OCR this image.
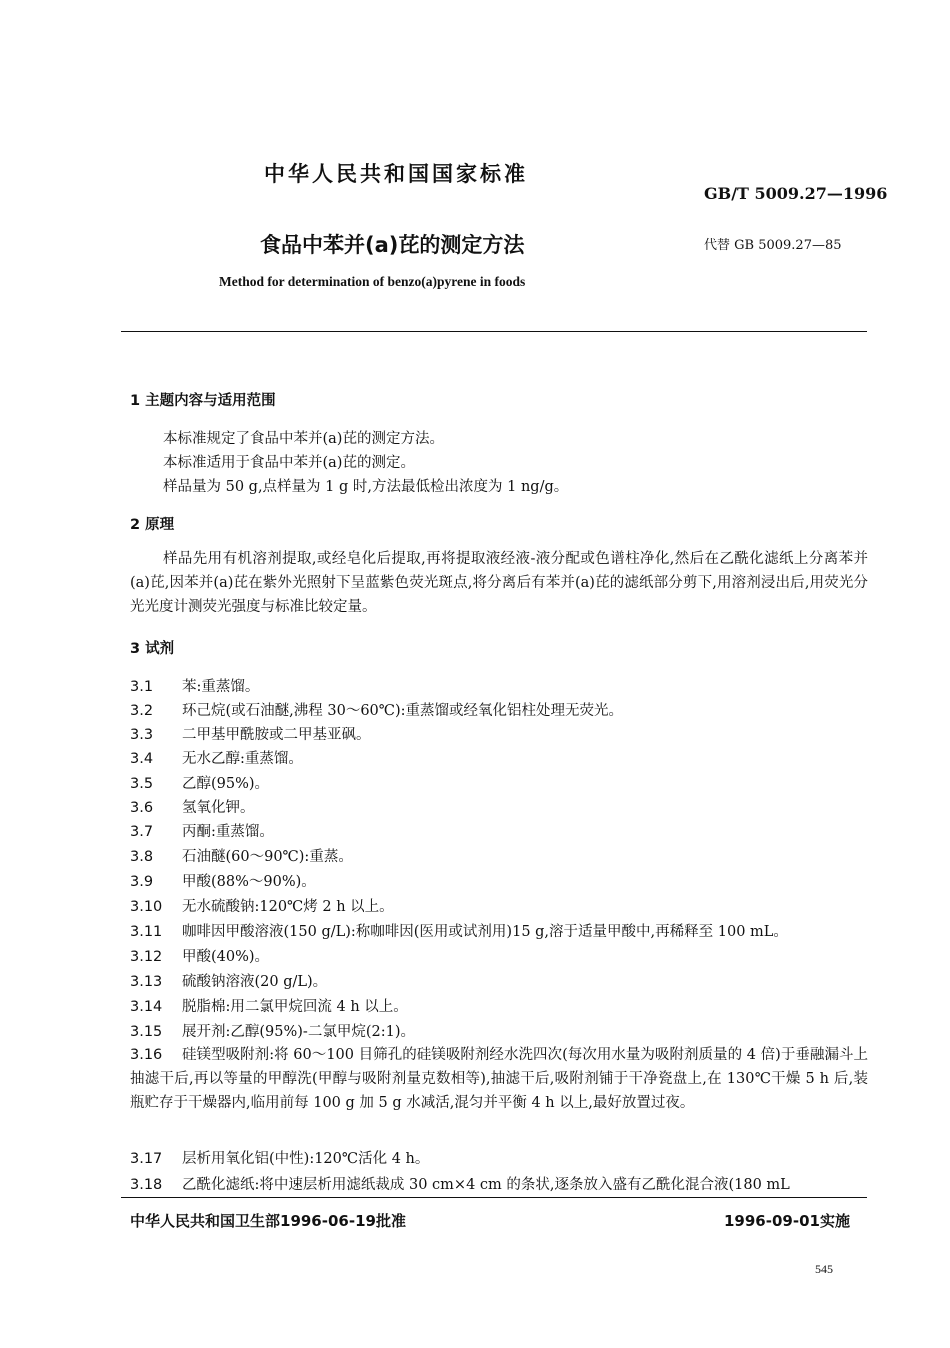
中华人民共和国国家标准
GB/T 5009.27—1996
食品中苯并(a)芘的测定方法	代替 GB 5009.27—85
Method for determination of benzo(a)pyrene in foods
1 主题内容与适用范围
本标准规定了食品中苯并(a)芘的测定方法。
本标准适用于食品中苯并(a)芘的测定。
样品量为 50 g,点样量为 1 g 时,方法最低检出浓度为 1 ng/g。
2 原理
样品先用有机溶剂提取,或经皂化后提取,再将提取液经液-液分配或色谱柱净化,然后在乙酰化滤纸上分离苯并(a)芘,因苯并(a)芘在紫外光照射下呈蓝紫色荧光斑点,将分离后有苯并(a)芘的滤纸部分剪下,用溶剂浸出后,用荧光分光光度计测荧光强度与标准比较定量。
3 试剂
3.1 苯:重蒸馏。
3.2 环己烷(或石油醚,沸程 30～60℃):重蒸馏或经氧化铝柱处理无荧光。
3.3 二甲基甲酰胺或二甲基亚砜。
3.4 无水乙醇:重蒸馏。
3.5 乙醇(95%)。
3.6 氢氧化钾。
3.7 丙酮:重蒸馏。
3.8 石油醚(60～90℃):重蒸。
3.9 甲酸(88%～90%)。
3.10 无水硫酸钠:120℃烤 2 h 以上。
3.11 咖啡因甲酸溶液(150 g/L):称咖啡因(医用或试剂用)15 g,溶于适量甲酸中,再稀释至 100 mL。
3.12 甲酸(40%)。
3.13 硫酸钠溶液(20 g/L)。
3.14 脱脂棉:用二氯甲烷回流 4 h 以上。
3.15 展开剂:乙醇(95%)-二氯甲烷(2:1)。
3.16 硅镁型吸附剂:将 60～100 目筛孔的硅镁吸附剂经水洗四次(每次用水量为吸附剂质量的 4 倍)于垂融漏斗上抽滤干后,再以等量的甲醇洗(甲醇与吸附剂量克数相等),抽滤干后,吸附剂铺于干净瓷盘上,在 130℃干燥 5 h 后,装瓶贮存于干燥器内,临用前每 100 g 加 5 g 水减活,混匀并平衡 4 h 以上,最好放置过夜。
3.17 层析用氧化铝(中性):120℃活化 4 h。
3.18 乙酰化滤纸:将中速层析用滤纸裁成 30 cm×4 cm 的条状,逐条放入盛有乙酰化混合液(180 mL
中华人民共和国卫生部1996-06-19批准	1996-09-01实施
545
